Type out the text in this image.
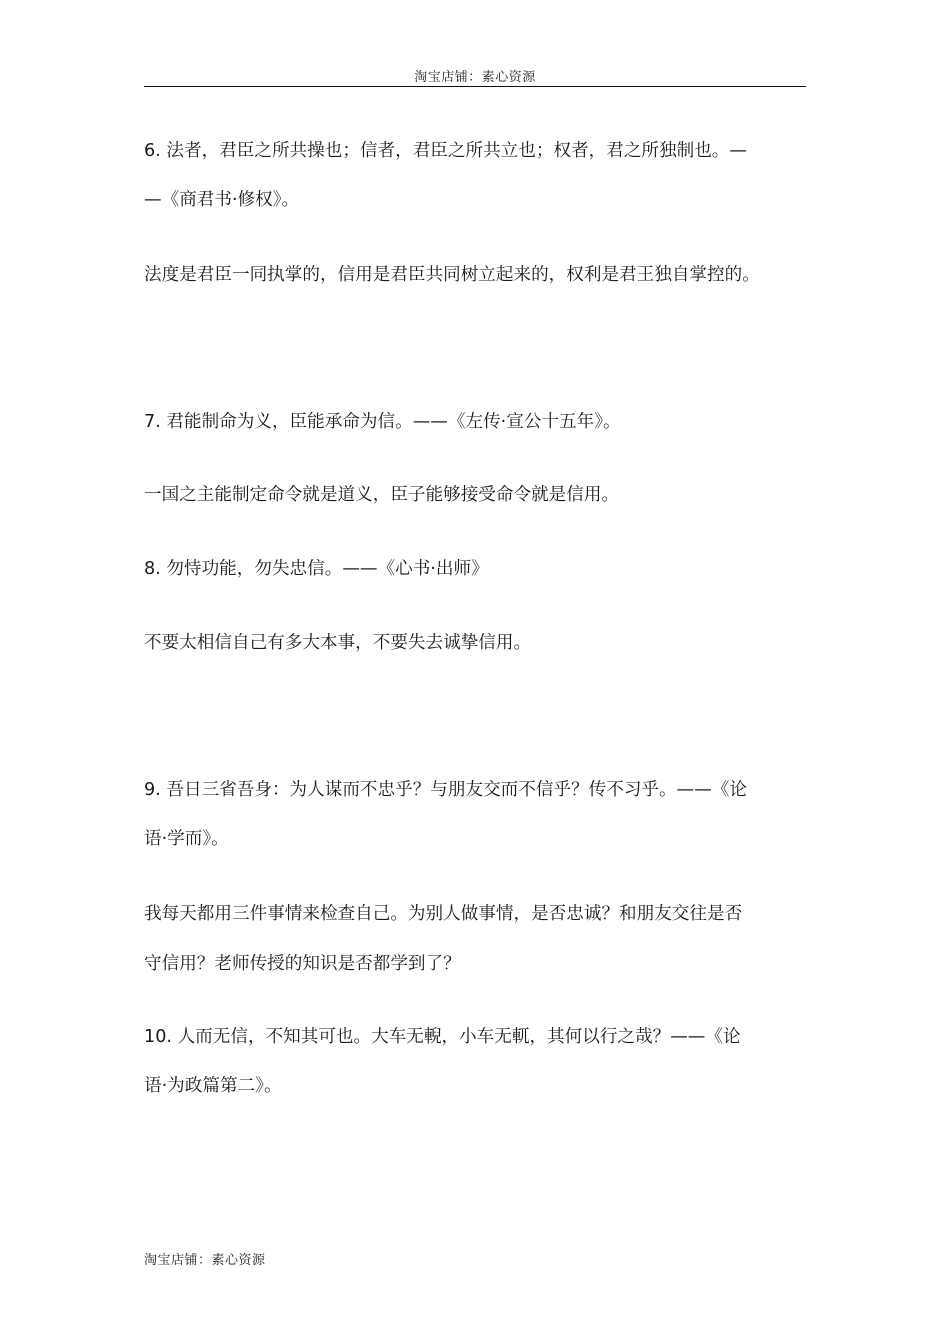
淘宝店铺：素心资源
6. 法者，君臣之所共操也；信者，君臣之所共立也；权者，君之所独制也。—
—《商君书·修权》。
法度是君臣一同执掌的，信用是君臣共同树立起来的，权利是君王独自掌控的。
7. 君能制命为义，臣能承命为信。——《左传·宣公十五年》。
一国之主能制定命令就是道义，臣子能够接受命令就是信用。
8. 勿恃功能，勿失忠信。——《心书·出师》
不要太相信自己有多大本事，不要失去诚挚信用。
9. 吾日三省吾身：为人谋而不忠乎？与朋友交而不信乎？传不习乎。——《论
语·学而》。
我每天都用三件事情来检查自己。为别人做事情，是否忠诚？和朋友交往是否
守信用？老师传授的知识是否都学到了？
10. 人而无信，不知其可也。大车无輗，小车无軏，其何以行之哉？——《论
语·为政篇第二》。
淘宝店铺：素心资源
